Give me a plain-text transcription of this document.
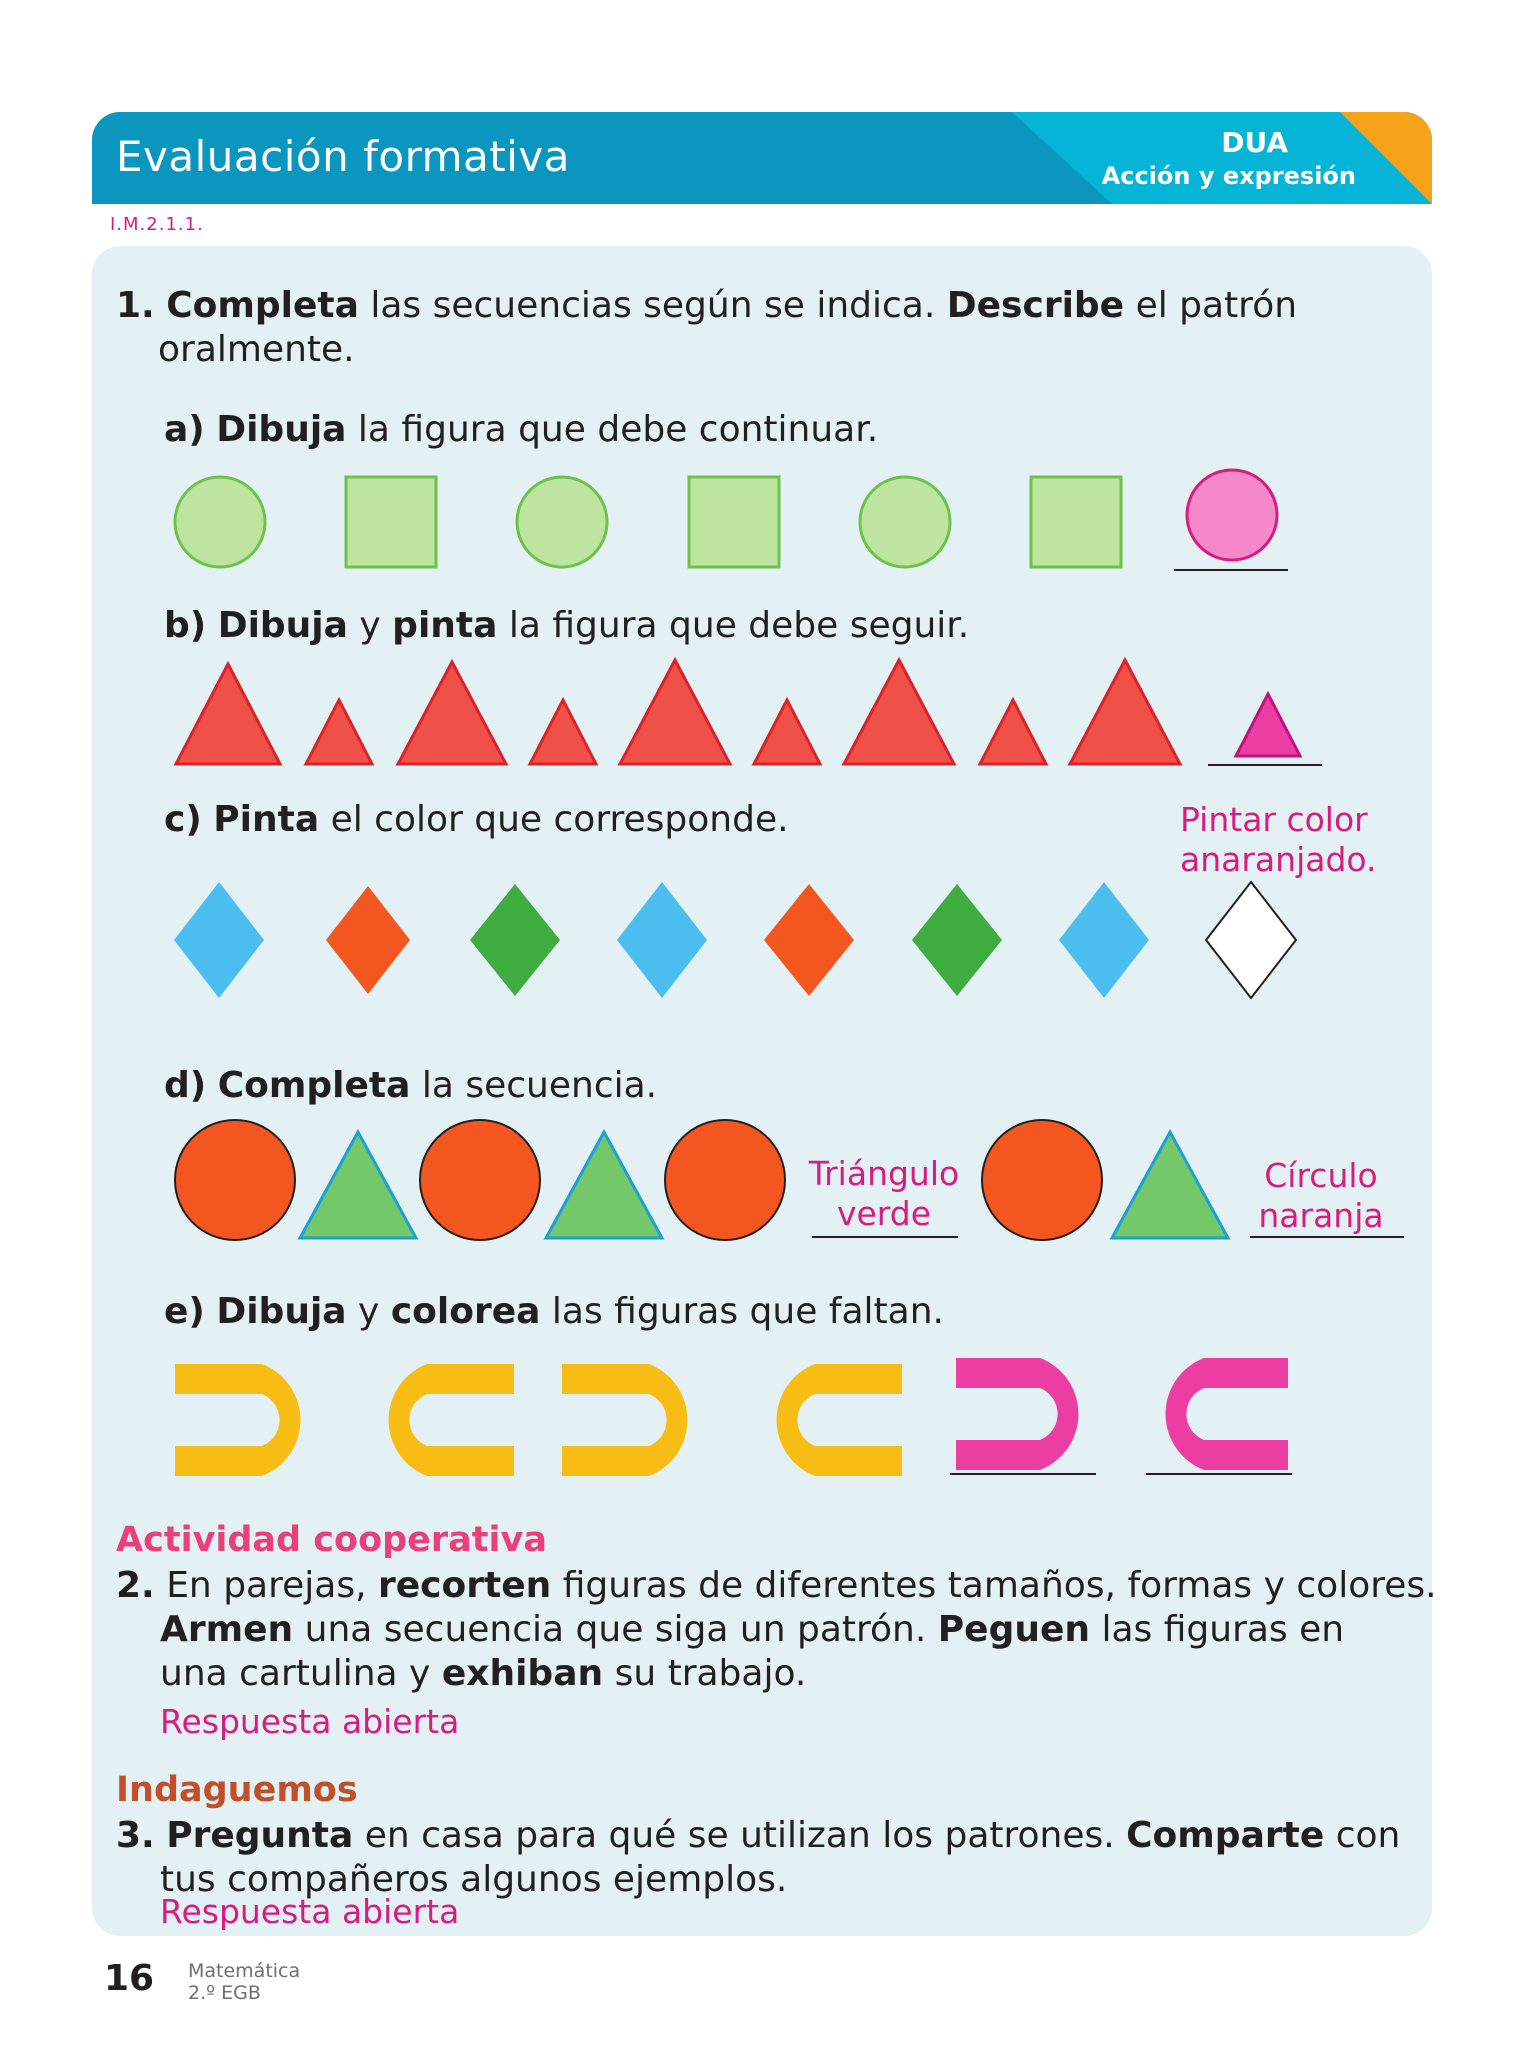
Evaluación formativa	DUA
Acción y expresión
I.M.2.1.1.
1. Completa las secuencias según se indica. Describe el patrón
oralmente.
a) Dibuja la figura que debe continuar.
b) Dibuja y pinta la figura que debe seguir.
c) Pinta el color que corresponde.	Pintar color
anaranjado.
d) Completa la secuencia.
Triángulo
verde
Círculo
naranja
e) Dibuja y colorea las figuras que faltan.
Actividad cooperativa
2. En parejas, recorten figuras de diferentes tamaños, formas y colores.
Armen una secuencia que siga un patrón. Peguen las figuras en
una cartulina y exhiban su trabajo.
Respuesta abierta
Indaguemos
3. Pregunta en casa para qué se utilizan los patrones. Comparte con
tus compañeros algunos ejemplos.
Respuesta abierta
16 Matemática
2.º EGB
